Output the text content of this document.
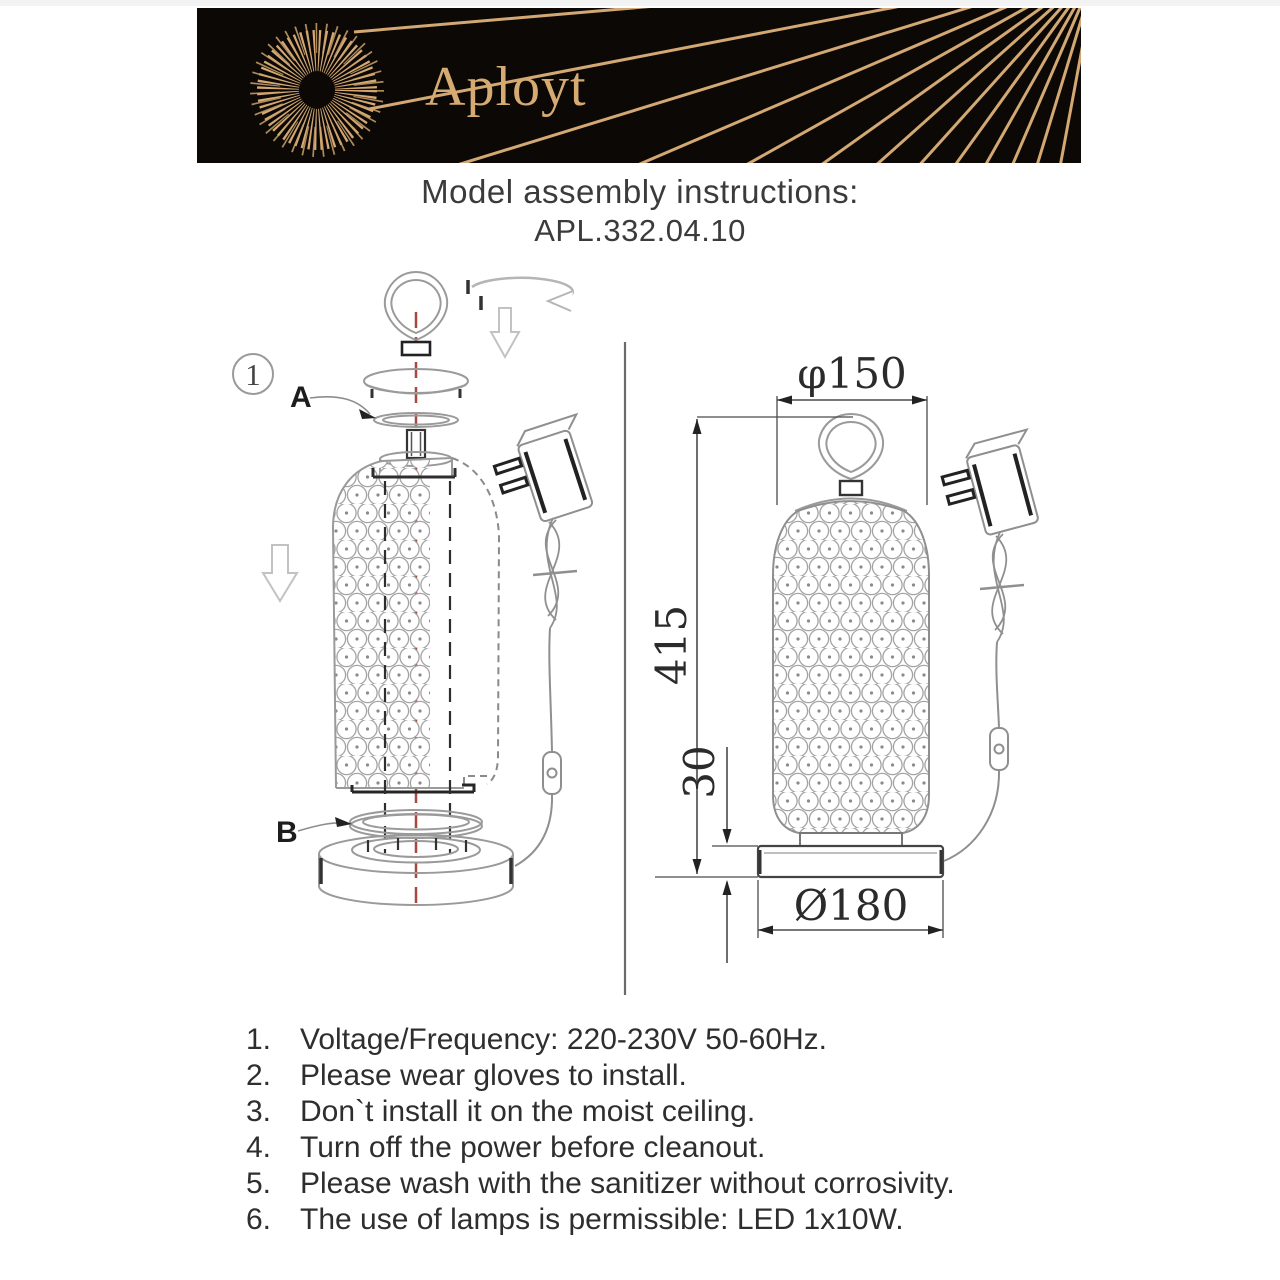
Aployt
Model assembly instructions:
APL.332.04.10
1
A
B
φ150
415
30
Ø180
1. Voltage/Frequency: 220-230V 50-60Hz.
2. Please wear gloves to install.
3. Don`t install it on the moist ceiling.
4. Turn off the power before cleanout.
5. Please wash with the sanitizer without corrosivity.
6. The use of lamps is permissible: LED 1x10W.
